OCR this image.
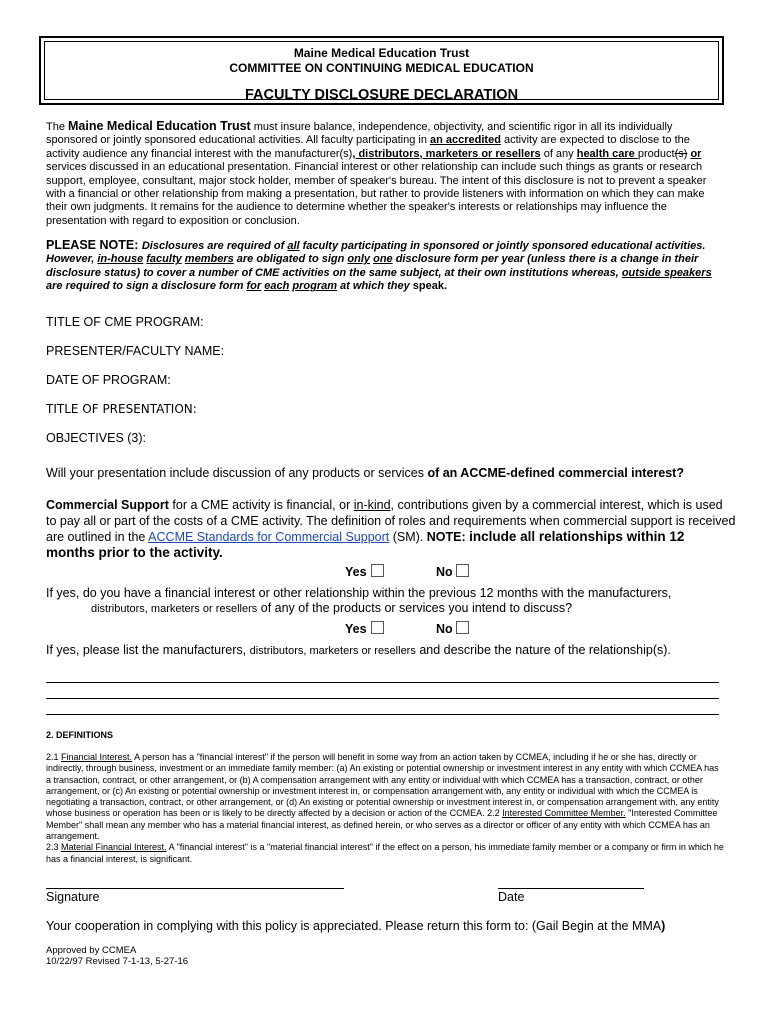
Maine Medical Education Trust
COMMITTEE ON CONTINUING MEDICAL EDUCATION
FACULTY DISCLOSURE DECLARATION
The Maine Medical Education Trust must insure balance, independence, objectivity, and scientific rigor in all its individually sponsored or jointly sponsored educational activities. All faculty participating in an accredited activity are expected to disclose to the activity audience any financial interest with the manufacturer(s), distributors, marketers or resellers of any health care product(s) or services discussed in an educational presentation. Financial interest or other relationship can include such things as grants or research support, employee, consultant, major stock holder, member of speaker's bureau. The intent of this disclosure is not to prevent a speaker with a financial or other relationship from making a presentation, but rather to provide listeners with information on which they can make their own judgments. It remains for the audience to determine whether the speaker's interests or relationships may influence the presentation with regard to exposition or conclusion.
PLEASE NOTE: Disclosures are required of all faculty participating in sponsored or jointly sponsored educational activities. However, in-house faculty members are obligated to sign only one disclosure form per year (unless there is a change in their disclosure status) to cover a number of CME activities on the same subject, at their own institutions whereas, outside speakers are required to sign a disclosure form for each program at which they speak.
TITLE OF CME PROGRAM:
PRESENTER/FACULTY NAME:
DATE OF PROGRAM:
TITLE OF PRESENTATION:
OBJECTIVES (3):
Will your presentation include discussion of any products or services of an ACCME-defined commercial interest?
Commercial Support for a CME activity is financial, or in-kind, contributions given by a commercial interest, which is used to pay all or part of the costs of a CME activity. The definition of roles and requirements when commercial support is received are outlined in the ACCME Standards for Commercial Support (SM). NOTE: include all relationships within 12 months prior to the activity.
Yes	No
If yes, do you have a financial interest or other relationship within the previous 12 months with the manufacturers,
distributors, marketers or resellers of any of the products or services you intend to discuss?
Yes	No
If yes, please list the manufacturers, distributors, marketers or resellers and describe the nature of the relationship(s).
2. DEFINITIONS
2.1 Financial Interest. A person has a "financial interest" if the person will benefit in some way from an action taken by CCMEA, including if he or she has, directly or indirectly, through business, investment or an immediate family member: (a) An existing or potential ownership or investment interest in any entity with which CCMEA has a transaction, contract, or other arrangement, or (b) A compensation arrangement with any entity or individual with which CCMEA has a transaction, contract, or other arrangement, or (c) An existing or potential ownership or investment interest in, or compensation arrangement with, any entity or individual with which the CCMEA is negotiating a transaction, contract, or other arrangement, or (d) An existing or potential ownership or investment interest in, or compensation arrangement with, any entity whose business or operation has been or is likely to be directly affected by a decision or action of the CCMEA. 2.2 Interested Committee Member. "Interested Committee Member" shall mean any member who has a material financial interest, as defined herein, or who serves as a director or officer of any entity with which CCMEA has an arrangement.
2.3 Material Financial Interest. A "financial interest" is a "material financial interest" if the effect on a person, his immediate family member or a company or firm in which he has a financial interest, is significant.
Signature	Date
Your cooperation in complying with this policy is appreciated. Please return this form to: (Gail Begin at the MMA)
Approved by CCMEA
10/22/97 Revised 7-1-13, 5-27-16
